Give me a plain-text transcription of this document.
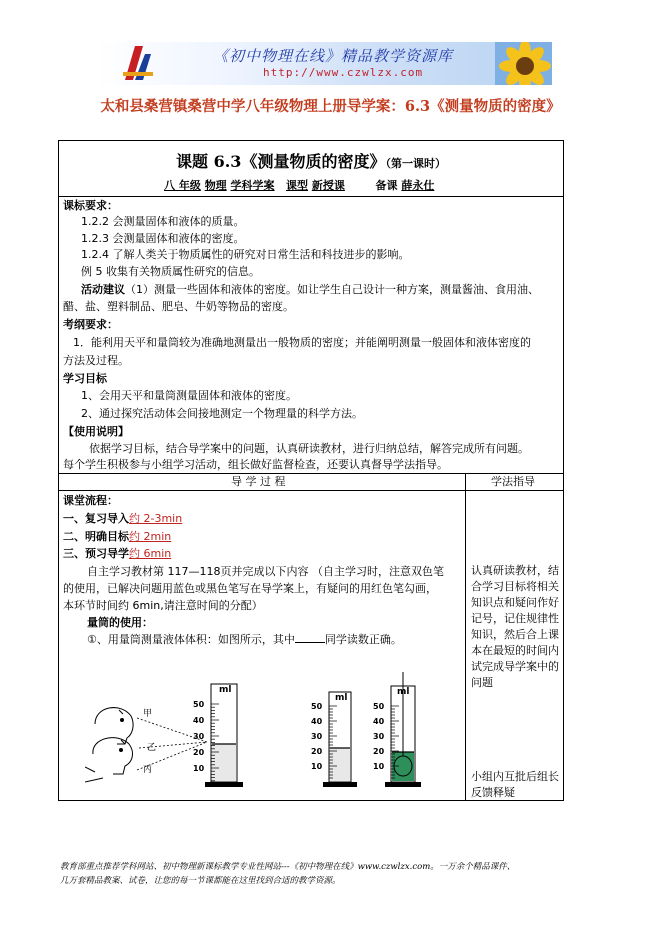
《初中物理在线》精品教学资源库
http://www.czwlzx.com
太和县桑营镇桑营中学八年级物理上册导学案：6.3《测量物质的密度》
课题 6.3《测量物质的密度》（第一课时）
八 年级 物理 学科学案 课型 新授课	备课 薛永仕
课标要求：
1.2.2 会测量固体和液体的质量。
1.2.3 会测量固体和液体的密度。
1.2.4 了解人类关于物质属性的研究对日常生活和科技进步的影响。
例 5 收集有关物质属性研究的信息。
活动建议（1）测量一些固体和液体的密度。如让学生自己设计一种方案，测量酱油、食用油、
醋、盐、塑料制品、肥皂、牛奶等物品的密度。
考纲要求：
1．能利用天平和量筒较为准确地测量出一般物质的密度；并能阐明测量一般固体和液体密度的
方法及过程。
学习目标
1、会用天平和量筒测量固体和液体的密度。
2、通过探究活动体会间接地测定一个物理量的科学方法。
【使用说明】
依据学习目标，结合导学案中的问题，认真研读教材，进行归纳总结，解答完成所有问题。
每个学生积极参与小组学习活动，组长做好监督检查，还要认真督导学法指导。
导 学 过 程	学法指导
课堂流程：
一、复习导入约 2-3min
二、明确目标约 2min
三、预习导学约 6min
自主学习教材第 117—118页并完成以下内容 （自主学习时，注意双色笔
的使用，已解决问题用蓝色或黑色笔写在导学案上，有疑问的用红色笔勾画，
本环节时间约 6min,请注意时间的分配）
量筒的使用：
①、用量筒测量液体体积：如图所示，其中	同学读数正确。
认真研读教材，结合学习目标将相关知识点和疑问作好记号，记住规律性知识，然后合上课本在最短的时间内试完成导学案中的问题
小组内互批后组长反馈释疑
甲
乙
丙
ml
ml
ml
50
40
30
20
10
50
40
30
20
10
50
40
30
20
10
教育部重点推荐学科网站、初中物理新课标教学专业性网站---《初中物理在线》www.czwlzx.com。一万余个精品课件、
几万套精品教案、试卷，让您的每一节课都能在这里找到合适的教学资源。
